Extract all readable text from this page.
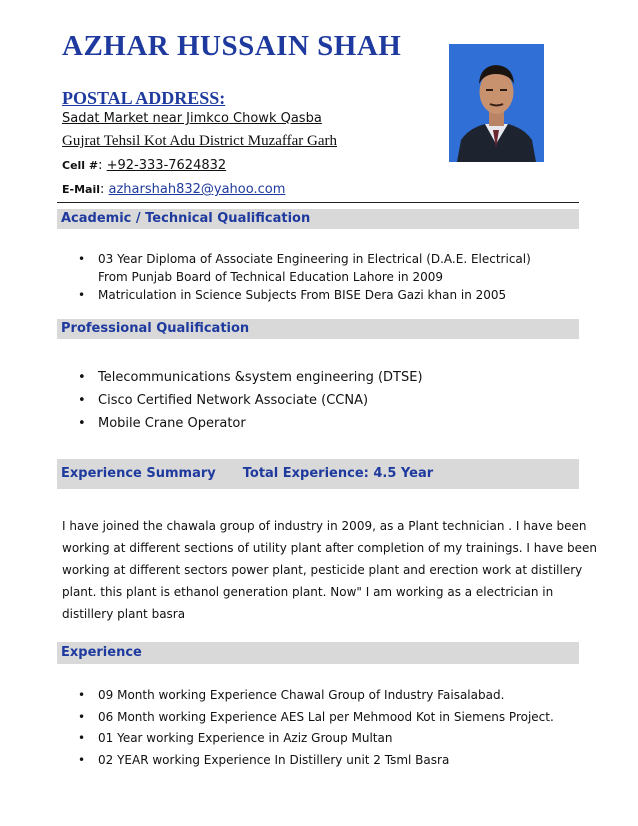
AZHAR HUSSAIN SHAH
POSTAL ADDRESS:
Sadat Market near Jimkco Chowk Qasba
Gujrat Tehsil Kot Adu District Muzaffar Garh
Cell #: +92-333-7624832
E-Mail: azharshah832@yahoo.com
Academic / Technical Qualification
• 03 Year Diploma of Associate Engineering in Electrical (D.A.E. Electrical)
From Punjab Board of Technical Education Lahore in 2009
• Matriculation in Science Subjects From BISE Dera Gazi khan in 2005
Professional Qualification
• Telecommunications &system engineering (DTSE)
• Cisco Certified Network Associate (CCNA)
• Mobile Crane Operator
Experience Summary Total Experience: 4.5 Year
I have joined the chawala group of industry in 2009, as a Plant technician . I have been
working at different sections of utility plant after completion of my trainings. I have been
working at different sectors power plant, pesticide plant and erection work at distillery
plant. this plant is ethanol generation plant. Now" I am working as a electrician in
distillery plant basra
Experience
• 09 Month working Experience Chawal Group of Industry Faisalabad.
• 06 Month working Experience AES Lal per Mehmood Kot in Siemens Project.
• 01 Year working Experience in Aziz Group Multan
• 02 YEAR working Experience In Distillery unit 2 Tsml Basra
